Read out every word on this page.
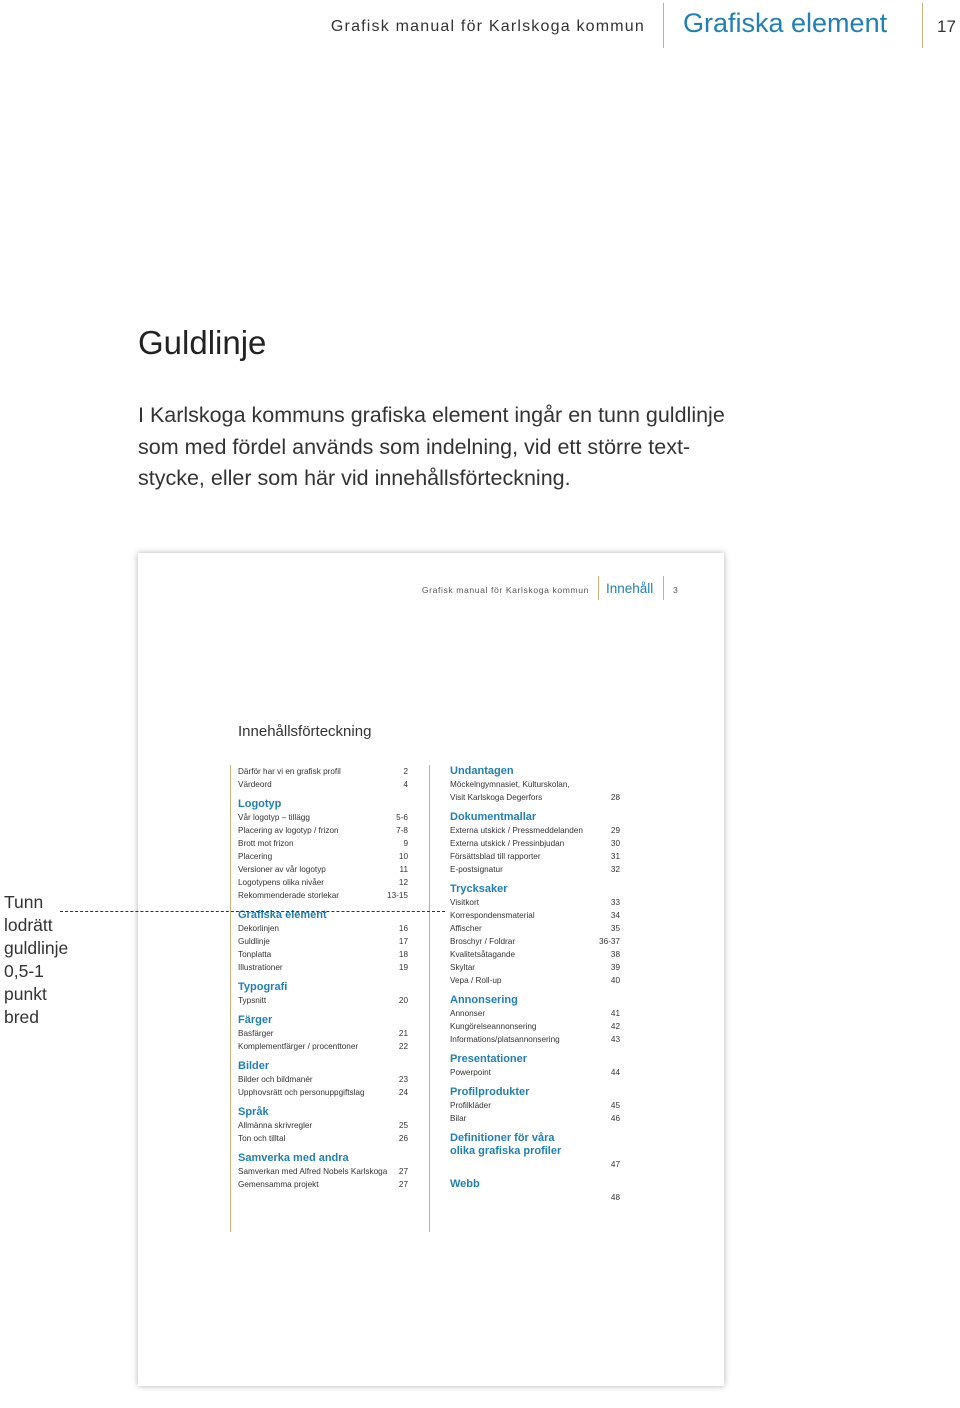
Grafisk manual för Karlskoga kommun Grafiska element	17
Guldlinje
I Karlskoga kommuns grafiska element ingår en tunn guldlinje
som med fördel används som indelning, vid ett större text-
stycke, eller som här vid innehållsförteckning.
Tunn
lodrätt
guldlinje
0,5-1
punkt
bred
Grafisk manual för Karlskoga kommun Innehåll 3
Innehållsförteckning
Därför har vi en grafisk profil	2
Värdeord	4
Logotyp
Vår logotyp – tillägg	5-6
Placering av logotyp / frizon	7-8
Brott mot frizon	9
Placering	10
Versioner av vår logotyp	11
Logotypens olika nivåer	12
Rekommenderade storlekar	13-15
Grafiska element
Dekorlinjen	16
Guldlinje	17
Tonplatta	18
Illustrationer	19
Typografi
Typsnitt	20
Färger
Basfärger	21
Komplementfärger / procenttoner	22
Bilder
Bilder och bildmanér	23
Upphovsrätt och personuppgiftslag	24
Språk
Allmänna skrivregler	25
Ton och tilltal	26
Samverka med andra
Samverkan med Alfred Nobels Karlskoga 27
Gemensamma projekt	27
Undantagen
Möckelngymnasiet, Kulturskolan,
Visit Karlskoga Degerfors	28
Dokumentmallar
Externa utskick / Pressmeddelanden	29
Externa utskick / Pressinbjudan	30
Försättsblad till rapporter	31
E-postsignatur	32
Trycksaker
Visitkort	33
Korrespondensmaterial	34
Affischer	35
Broschyr / Foldrar	36-37
Kvalitetsåtagande	38
Skyltar	39
Vepa / Roll-up	40
Annonsering
Annonser	41
Kungörelseannonsering	42
Informations/platsannonsering	43
Presentationer
Powerpoint	44
Profilprodukter
Profilkläder	45
Bilar	46
Definitioner för våra
olika grafiska profiler
47
Webb
48
